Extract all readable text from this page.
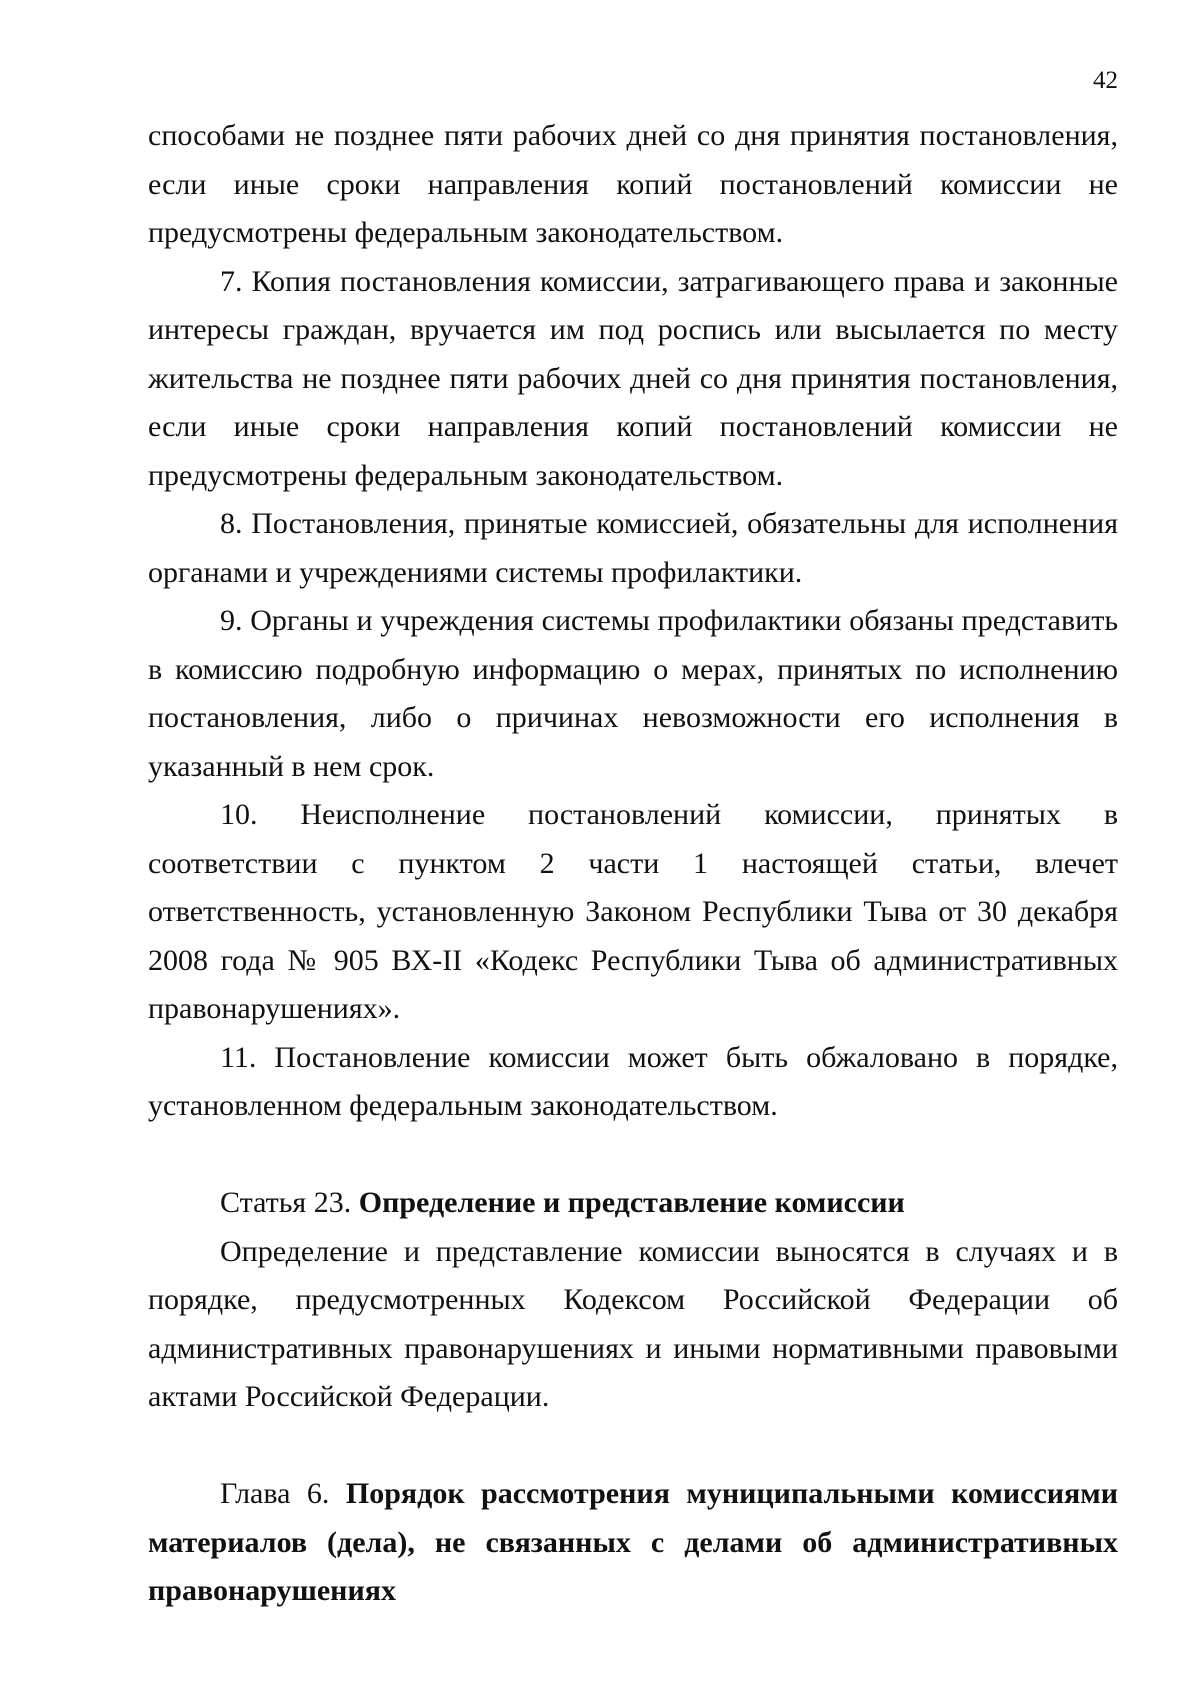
42

способами не позднее пяти рабочих дней со дня принятия постановления, если иные сроки направления копий постановлений комиссии не предусмотрены федеральным законодательством.

7. Копия постановления комиссии, затрагивающего права и законные интересы граждан, вручается им под роспись или высылается по месту жительства не позднее пяти рабочих дней со дня принятия постановления, если иные сроки направления копий постановлений комиссии не предусмотрены федеральным законодательством.

8. Постановления, принятые комиссией, обязательны для исполнения органами и учреждениями системы профилактики.

9. Органы и учреждения системы профилактики обязаны представить в комиссию подробную информацию о мерах, принятых по исполнению постановления, либо о причинах невозможности его исполнения в указанный в нем срок.

10. Неисполнение постановлений комиссии, принятых в соответствии с пунктом 2 части 1 настоящей статьи, влечет ответственность, установленную Законом Республики Тыва от 30 декабря 2008 года № 905 ВХ-II «Кодекс Республики Тыва об административных правонарушениях».

11. Постановление комиссии может быть обжаловано в порядке, установленном федеральным законодательством.

Статья 23. Определение и представление комиссии

Определение и представление комиссии выносятся в случаях и в порядке, предусмотренных Кодексом Российской Федерации об административных правонарушениях и иными нормативными правовыми актами Российской Федерации.

Глава 6. Порядок рассмотрения муниципальными комиссиями материалов (дела), не связанных с делами об административных правонарушениях
